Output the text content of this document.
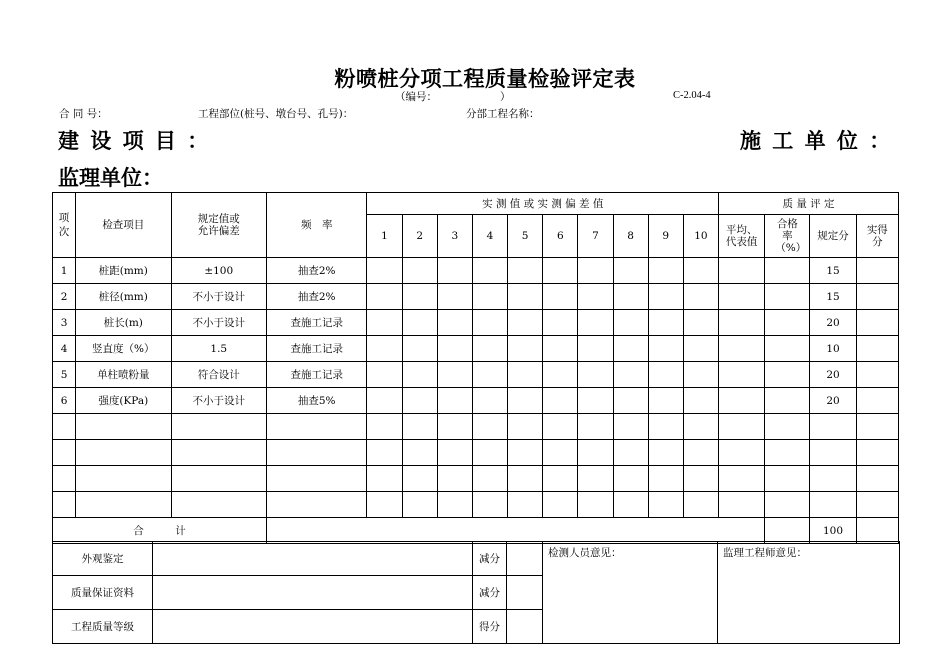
粉喷桩分项工程质量检验评定表
（编号：	）	C-2.04-4
合 同 号：	工程部位(桩号、墩台号、孔号)：	分部工程名称：
建 设 项 目 ：	施 工 单 位 ：
监理单位：
项次	检查项目	规定值或允许偏差	频　率	实 测 值 或 实 测 偏 差 值										质 量 评 定			
				1	2	3	4	5	6	7	8	9	10	平均、代表值	合格率（%）	规定分	实得分
1	桩距(mm)	±100	抽查2%													15	
2	桩径(mm)	不小于设计	抽查2%													15	
3	桩长(m)	不小于设计	查施工记录													20	
4	竖直度（%）	1.5	查施工记录													10	
5	单柱喷粉量	符合设计	查施工记录													20	
6	强度(KPa)	不小于设计	抽查5%													20	

合　　　计																100	
外观鉴定		减分		检测人员意见：	监理工程师意见：
质量保证资料		减分			
工程质量等级		得分			
